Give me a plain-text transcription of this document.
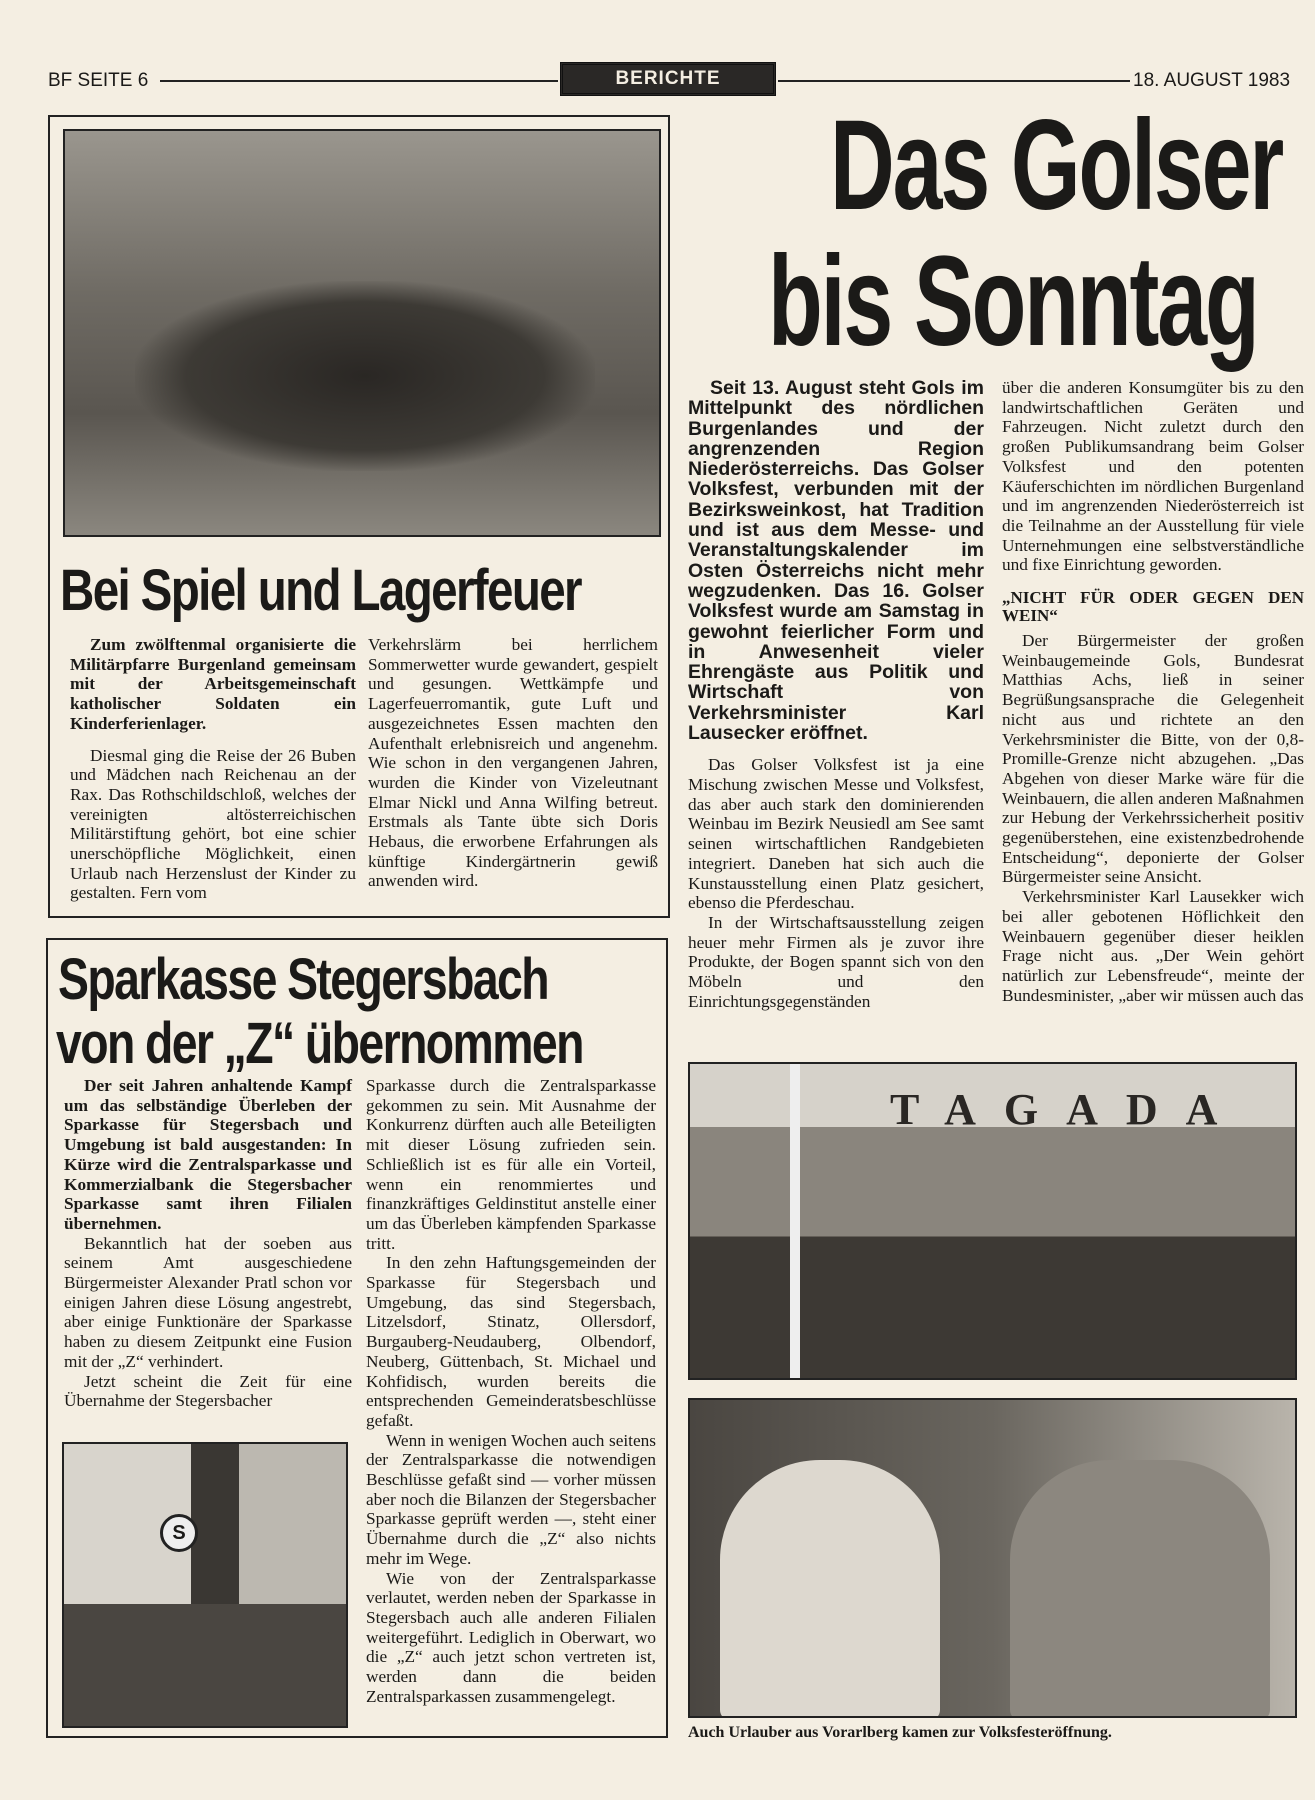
BF SEITE 6	BERICHTE	18. AUGUST 1983
Bei Spiel und Lagerfeuer

Zum zwölftenmal organisierte die Militärpfarre Burgenland gemeinsam mit der Arbeitsgemeinschaft katholischer Soldaten ein Kinderferienlager.

Diesmal ging die Reise der 26 Buben und Mädchen nach Reichenau an der Rax. Das Rothschildschloß, welches der vereinigten altösterreichischen Militärstiftung gehört, bot eine schier unerschöpfliche Möglichkeit, einen Urlaub nach Herzenslust der Kinder zu gestalten. Fern vom

Verkehrslärm bei herrlichem Sommerwetter wurde gewandert, gespielt und gesungen. Wettkämpfe und Lagerfeuerromantik, gute Luft und ausgezeichnetes Essen machten den Aufenthalt erlebnisreich und angenehm. Wie schon in den vergangenen Jahren, wurden die Kinder von Vizeleutnant Elmar Nickl und Anna Wilfing betreut. Erstmals als Tante übte sich Doris Hebaus, die erworbene Erfahrungen als künftige Kindergärtnerin gewiß anwenden wird.

Sparkasse Stegersbach
von der „Z“ übernommen

Der seit Jahren anhaltende Kampf um das selbständige Überleben der Sparkasse für Stegersbach und Umgebung ist bald ausgestanden: In Kürze wird die Zentralsparkasse und Kommerzialbank die Stegersbacher Sparkasse samt ihren Filialen übernehmen.

Bekanntlich hat der soeben aus seinem Amt ausgeschiedene Bürgermeister Alexander Pratl schon vor einigen Jahren diese Lösung angestrebt, aber einige Funktionäre der Sparkasse haben zu diesem Zeitpunkt eine Fusion mit der „Z“ verhindert.

Jetzt scheint die Zeit für eine Übernahme der Stegersbacher

S

Sparkasse durch die Zentralsparkasse gekommen zu sein. Mit Ausnahme der Konkurrenz dürften auch alle Beteiligten mit dieser Lösung zufrieden sein. Schließlich ist es für alle ein Vorteil, wenn ein renommiertes und finanzkräftiges Geldinstitut anstelle einer um das Überleben kämpfenden Sparkasse tritt.

In den zehn Haftungsgemeinden der Sparkasse für Stegersbach und Umgebung, das sind Stegersbach, Litzelsdorf, Stinatz, Ollersdorf, Burgauberg-Neudauberg, Olbendorf, Neuberg, Güttenbach, St. Michael und Kohfidisch, wurden bereits die entsprechenden Gemeinderatsbeschlüsse gefaßt.

Wenn in wenigen Wochen auch seitens der Zentralsparkasse die notwendigen Beschlüsse gefaßt sind — vorher müssen aber noch die Bilanzen der Stegersbacher Sparkasse geprüft werden —, steht einer Übernahme durch die „Z“ also nichts mehr im Wege.

Wie von der Zentralsparkasse verlautet, werden neben der Sparkasse in Stegersbach auch alle anderen Filialen weitergeführt. Lediglich in Oberwart, wo die „Z“ auch jetzt schon vertreten ist, werden dann die beiden Zentralsparkassen zusammengelegt.

Das Golser
bis Sonntag

Seit 13. August steht Gols im Mittelpunkt des nördlichen Burgenlandes und der angrenzenden Region Niederösterreichs. Das Golser Volksfest, verbunden mit der Bezirksweinkost, hat Tradition und ist aus dem Messe- und Veranstaltungskalender im Osten Österreichs nicht mehr wegzudenken. Das 16. Golser Volksfest wurde am Samstag in gewohnt feierlicher Form und in Anwesenheit vieler Ehrengäste aus Politik und Wirtschaft von Verkehrsminister Karl Lausecker eröffnet.

Das Golser Volksfest ist ja eine Mischung zwischen Messe und Volksfest, das aber auch stark den dominierenden Weinbau im Bezirk Neusiedl am See samt seinen wirtschaftlichen Randgebieten integriert. Daneben hat sich auch die Kunstausstellung einen Platz gesichert, ebenso die Pferdeschau.

In der Wirtschaftsausstellung zeigen heuer mehr Firmen als je zuvor ihre Produkte, der Bogen spannt sich von den Möbeln und den Einrichtungsgegenständen

über die anderen Konsumgüter bis zu den landwirtschaftlichen Geräten und Fahrzeugen. Nicht zuletzt durch den großen Publikumsandrang beim Golser Volksfest und den potenten Käuferschichten im nördlichen Burgenland und im angrenzenden Niederösterreich ist die Teilnahme an der Ausstellung für viele Unternehmungen eine selbstverständliche und fixe Einrichtung geworden.

„NICHT FÜR ODER GEGEN DEN WEIN“

Der Bürgermeister der großen Weinbaugemeinde Gols, Bundesrat Matthias Achs, ließ in seiner Begrüßungsansprache die Gelegenheit nicht aus und richtete an den Verkehrsminister die Bitte, von der 0,8-Promille-Grenze nicht abzugehen. „Das Abgehen von dieser Marke wäre für die Weinbauern, die allen anderen Maßnahmen zur Hebung der Verkehrssicherheit positiv gegenüberstehen, eine existenzbedrohende Entscheidung“, deponierte der Golser Bürgermeister seine Ansicht.

Verkehrsminister Karl Lausekker wich bei aller gebotenen Höflichkeit den Weinbauern gegenüber dieser heiklen Frage nicht aus. „Der Wein gehört natürlich zur Lebensfreude“, meinte der Bundesminister, „aber wir müssen auch das

TAGADA
Auch Urlauber aus Vorarlberg kamen zur Volksfesteröffnung.
